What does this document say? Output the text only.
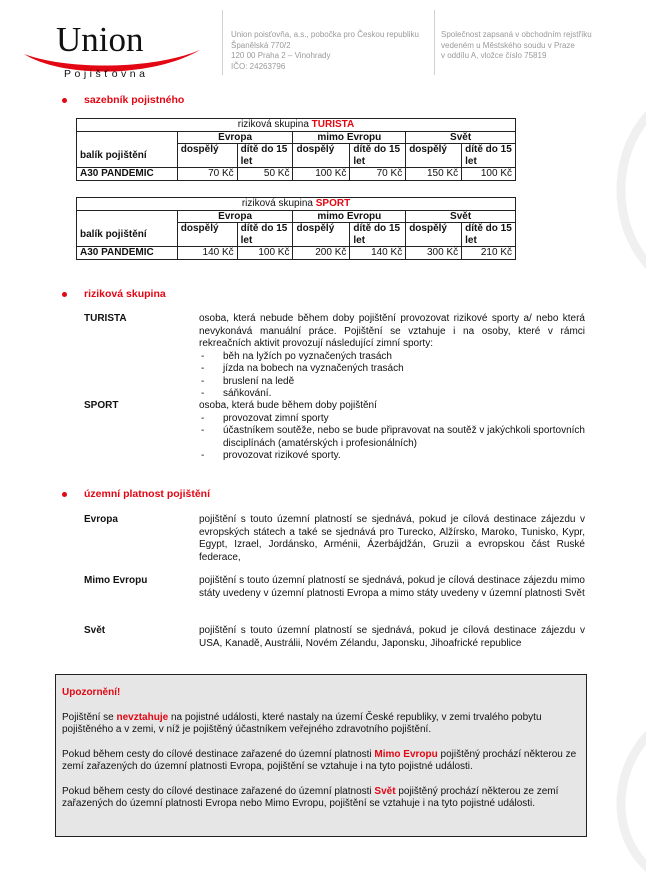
Union
Pojišťovna
Union poisťovňa, a.s., pobočka pro Českou republiku
Španělská 770/2
120 00 Praha 2 – Vinohrady
IČO: 24263796
Společnost zapsaná v obchodním rejstříku
vedeném u Městského soudu v Praze
v oddílu A, vložce číslo 75819
sazebník pojistného
riziková skupina TURISTA						
	Evropa		mimo Evropu		Svět	
balík pojištění	dospělý	dítě do 15 let	dospělý	dítě do 15 let	dospělý	dítě do 15 let
A30 PANDEMIC	70 Kč	50 Kč	100 Kč	70 Kč	150 Kč	100 Kč
riziková skupina SPORT						
	Evropa		mimo Evropu		Svět	
balík pojištění	dospělý	dítě do 15 let	dospělý	dítě do 15 let	dospělý	dítě do 15 let
A30 PANDEMIC	140 Kč	100 Kč	200 Kč	140 Kč	300 Kč	210 Kč
riziková skupina
TURISTA	osoba, která nebude během doby pojištění provozovat rizikové sporty a/ nebo která nevykonává manuální práce. Pojištění se vztahuje i na osoby, které v rámci rekreačních aktivit provozují následující zimní sporty:
- běh na lyžích po vyznačených trasách
- jízda na bobech na vyznačených trasách
- bruslení na ledě
- sáňkování.
SPORT	osoba, která bude během doby pojištění
- provozovat zimní sporty
- účastníkem soutěže, nebo se bude připravovat na soutěž v jakýchkoli sportovních disciplínách (amatérských i profesionálních)
- provozovat rizikové sporty.
územní platnost pojištění
Evropa	pojištění s touto územní platností se sjednává, pokud je cílová destinace zájezdu v evropských státech a také se sjednává pro Turecko, Alžírsko, Maroko, Tunisko, Kypr, Egypt, Izrael, Jordánsko, Arménii, Ázerbájdžán, Gruzii a evropskou část Ruské federace,
Mimo Evropu	pojištění s touto územní platností se sjednává, pokud je cílová destinace zájezdu mimo státy uvedeny v územní platnosti Evropa a mimo státy uvedeny v územní platnosti Svět
Svět	pojištění s touto územní platností se sjednává, pokud je cílová destinace zájezdu v USA, Kanadě, Austrálii, Novém Zélandu, Japonsku, Jihoafrické republice
Upozornění!

Pojištění se nevztahuje na pojistné události, které nastaly na území České republiky, v zemi trvalého pobytu pojištěného a v zemi, v níž je pojištěný účastníkem veřejného zdravotního pojištění.

Pokud během cesty do cílové destinace zařazené do územní platnosti Mimo Evropu pojištěný prochází některou ze zemí zařazených do územní platnosti Evropa, pojištění se vztahuje i na tyto pojistné události.

Pokud během cesty do cílové destinace zařazené do územní platnosti Svět pojištěný prochází některou ze zemí zařazených do územní platnosti Evropa nebo Mimo Evropu, pojištění se vztahuje i na tyto pojistné události.
